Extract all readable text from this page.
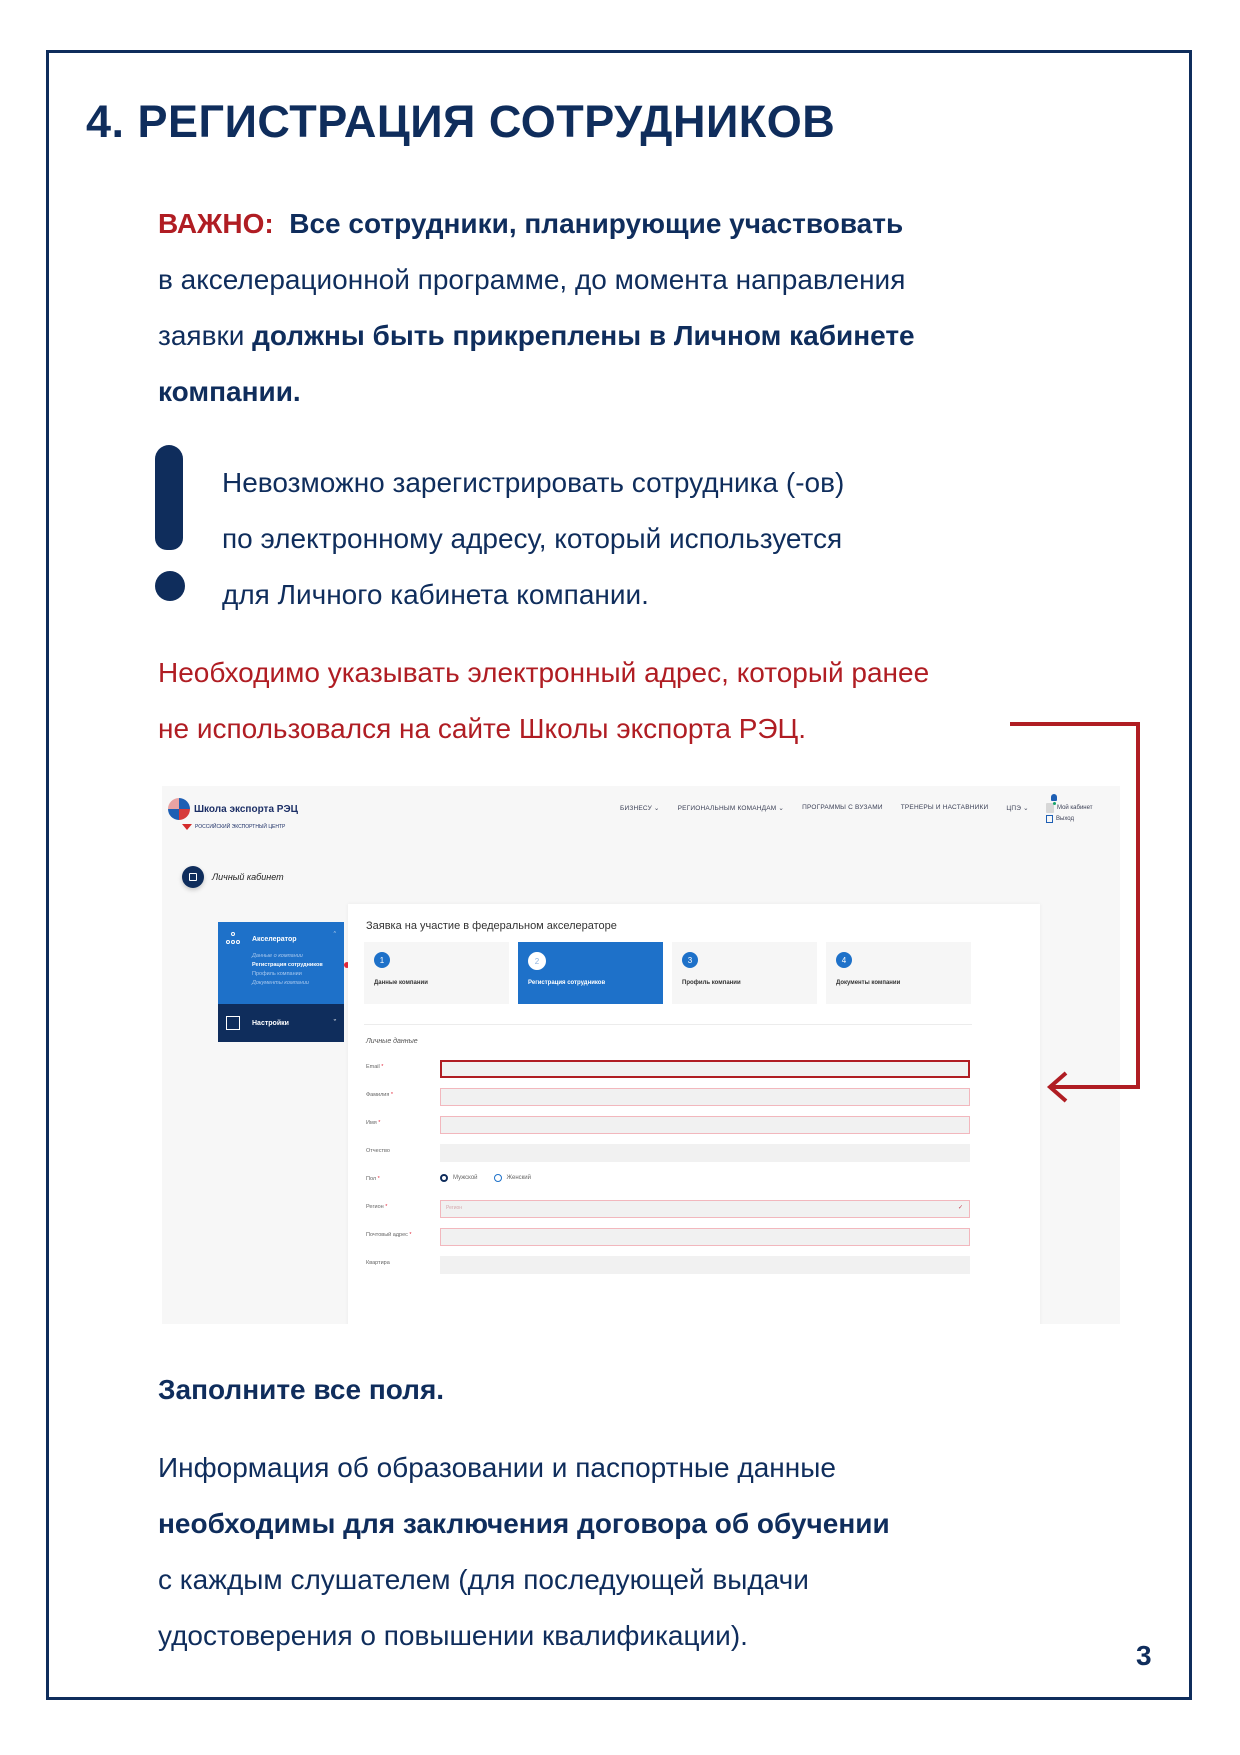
4. РЕГИСТРАЦИЯ СОТРУДНИКОВ
ВАЖНО: Все сотрудники, планирующие участвовать
в акселерационной программе, до момента направления
заявки должны быть прикреплены в Личном кабинете
компании.
Невозможно зарегистрировать сотрудника (-ов)
по электронному адресу, который используется
для Личного кабинета компании.
Необходимо указывать электронный адрес, который ранее
не использовался на сайте Школы экспорта РЭЦ.
Школа экспорта РЭЦ
РОССИЙСКИЙ ЭКСПОРТНЫЙ ЦЕНТР
БИЗНЕСУ ⌄	РЕГИОНАЛЬНЫМ КОМАНДАМ ⌄	ПРОГРАММЫ С ВУЗАМИ	ТРЕНЕРЫ И НАСТАВНИКИ	ЦПЭ ⌄	Мой кабинет
Выход
Личный кабинет
Акселератор	ˆ
Данные о компании
Регистрация сотрудников
Профиль компании
Документы компании
Настройки	ˇ
Заявка на участие в федеральном акселераторе
1
Данные компании
2
Регистрация сотрудников
3
Профиль компании
4
Документы компании
Личные данные
Email *
Фамилия *
Имя *
Отчество
Пол *	Мужской	Женский
Регион *	Регион	✓
Почтовый адрес *
Квартира
Заполните все поля.
Информация об образовании и паспортные данные
необходимы для заключения договора об обучении
с каждым слушателем (для последующей выдачи
удостоверения о повышении квалификации).
3
